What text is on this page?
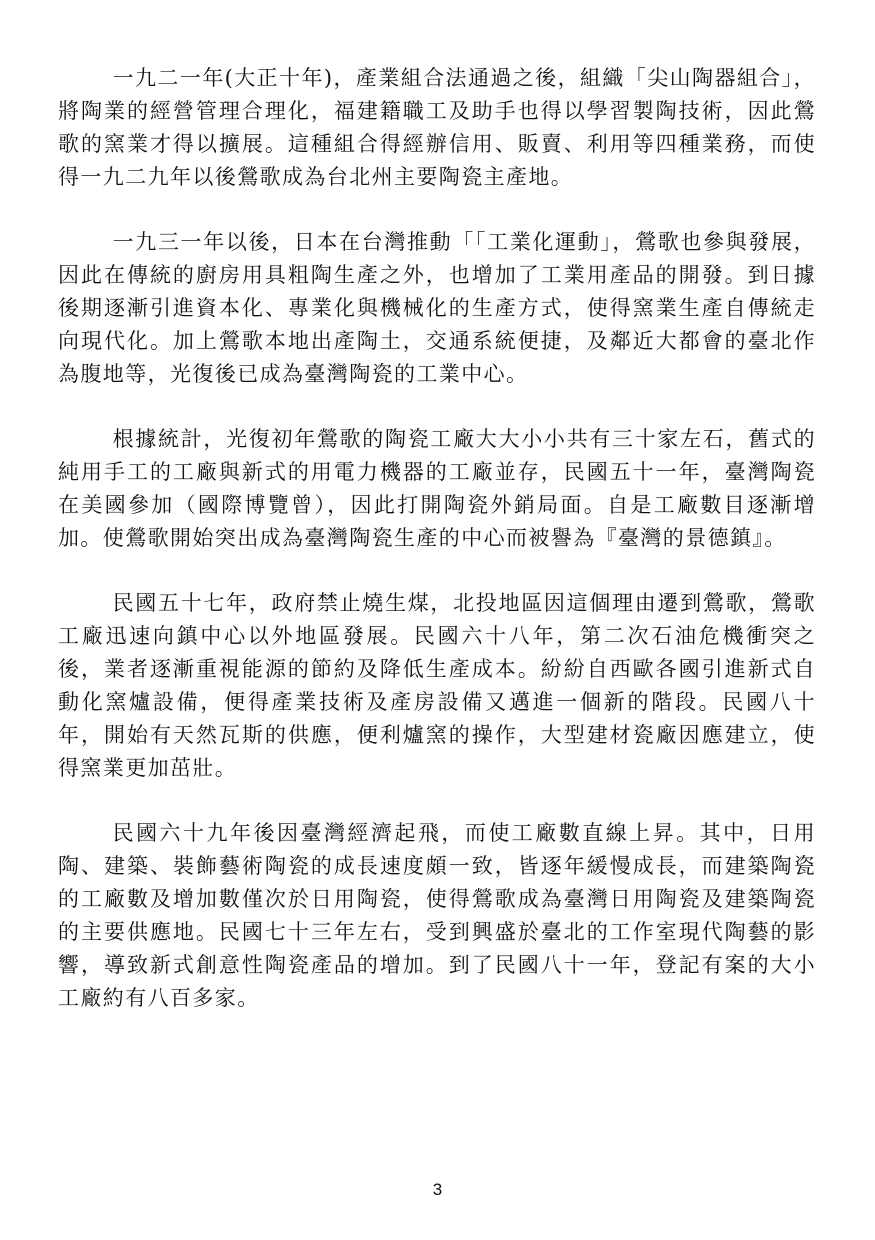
一九二一年(大正十年)，產業組合法通過之後，組織「尖山陶器組合」，將陶業的經營管理合理化，福建籍職工及助手也得以學習製陶技術，因此鶯歌的窯業才得以擴展。這種組合得經辦信用、販賣、利用等四種業務，而使得一九二九年以後鶯歌成為台北州主要陶瓷主產地。

一九三一年以後，日本在台灣推動「「工業化運動」，鶯歌也參與發展，因此在傳統的廚房用具粗陶生產之外，也增加了工業用產品的開發。到日據後期逐漸引進資本化、專業化與機械化的生產方式，使得窯業生產自傳統走向現代化。加上鶯歌本地出產陶土，交通系統便捷，及鄰近大都會的臺北作為腹地等，光復後已成為臺灣陶瓷的工業中心。

根據統計，光復初年鶯歌的陶瓷工廠大大小小共有三十家左石，舊式的純用手工的工廠與新式的用電力機器的工廠並存，民國五十一年，臺灣陶瓷在美國參加（國際博覽曾），因此打開陶瓷外銷局面。自是工廠數目逐漸增加。使鶯歌開始突出成為臺灣陶瓷生產的中心而被譽為『臺灣的景德鎮』。

民國五十七年，政府禁止燒生煤，北投地區因這個理由遷到鶯歌，鶯歌工廠迅速向鎮中心以外地區發展。民國六十八年，第二次石油危機衝突之後，業者逐漸重視能源的節約及降低生產成本。紛紛自西歐各國引進新式自動化窯爐設備，便得產業技術及產房設備又邁進一個新的階段。民國八十年，開始有天然瓦斯的供應，便利爐窯的操作，大型建材瓷廠因應建立，使得窯業更加茁壯。

民國六十九年後因臺灣經濟起飛，而使工廠數直線上昇。其中，日用陶、建築、裝飾藝術陶瓷的成長速度頗一致，皆逐年緩慢成長，而建築陶瓷的工廠數及增加數僅次於日用陶瓷，使得鶯歌成為臺灣日用陶瓷及建築陶瓷的主要供應地。民國七十三年左右，受到興盛於臺北的工作室現代陶藝的影響，導致新式創意性陶瓷產品的增加。到了民國八十一年，登記有案的大小工廠約有八百多家。

3
